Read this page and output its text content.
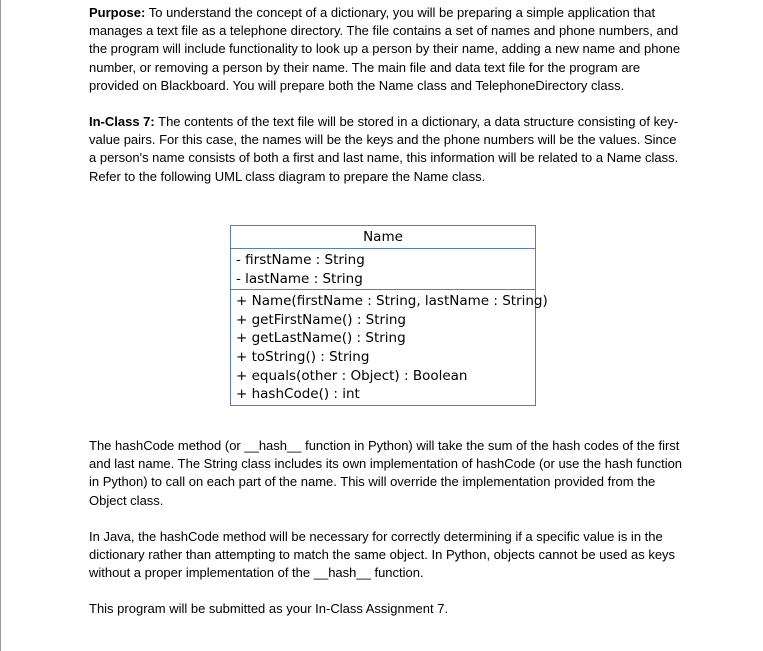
Purpose: To understand the concept of a dictionary, you will be preparing a simple application that manages a text file as a telephone directory. The file contains a set of names and phone numbers, and the program will include functionality to look up a person by their name, adding a new name and phone number, or removing a person by their name. The main file and data text file for the program are provided on Blackboard. You will prepare both the Name class and TelephoneDirectory class.

In-Class 7: The contents of the text file will be stored in a dictionary, a data structure consisting of key-value pairs. For this case, the names will be the keys and the phone numbers will be the values. Since a person's name consists of both a first and last name, this information will be related to a Name class. Refer to the following UML class diagram to prepare the Name class.

Name
- firstName : String
- lastName : String
+ Name(firstName : String, lastName : String)
+ getFirstName() : String
+ getLastName() : String
+ toString() : String
+ equals(other : Object) : Boolean
+ hashCode() : int

The hashCode method (or __hash__ function in Python) will take the sum of the hash codes of the first and last name. The String class includes its own implementation of hashCode (or use the hash function in Python) to call on each part of the name. This will override the implementation provided from the Object class.

In Java, the hashCode method will be necessary for correctly determining if a specific value is in the dictionary rather than attempting to match the same object. In Python, objects cannot be used as keys without a proper implementation of the __hash__ function.

This program will be submitted as your In-Class Assignment 7.
